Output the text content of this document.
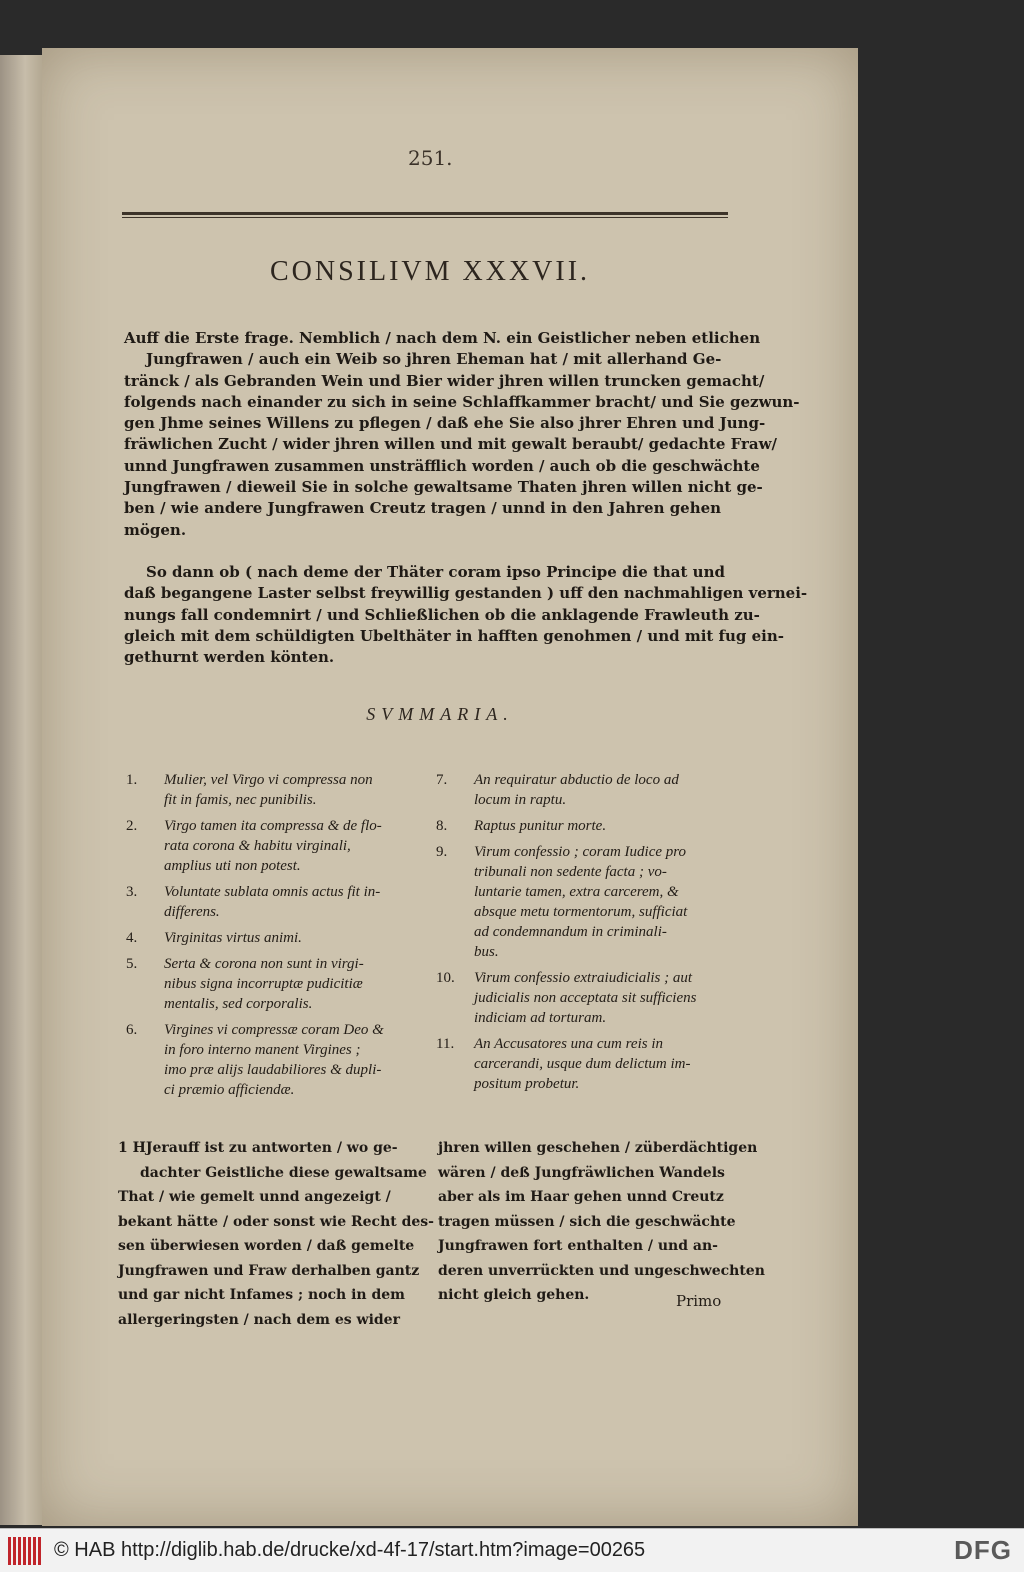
251.
CONSILIVM XXXVII.
Auff die Erste frage. Nemblich / nach dem N. ein Geistlicher neben etlichen
Jungfrawen / auch ein Weib so jhren Eheman hat / mit allerhand Ge-
tränck / als Gebranden Wein und Bier wider jhren willen truncken gemacht/
folgends nach einander zu sich in seine Schlaffkammer bracht/ und Sie gezwun-
gen Jhme seines Willens zu pflegen / daß ehe Sie also jhrer Ehren und Jung-
fräwlichen Zucht / wider jhren willen und mit gewalt beraubt/ gedachte Fraw/
unnd Jungfrawen zusammen unsträfflich worden / auch ob die geschwächte
Jungfrawen / dieweil Sie in solche gewaltsame Thaten jhren willen nicht ge-
ben / wie andere Jungfrawen Creutz tragen / unnd in den Jahren gehen
mögen.
So dann ob ( nach deme der Thäter coram ipso Principe die that und
daß begangene Laster selbst freywillig gestanden ) uff den nachmahligen vernei-
nungs fall condemnirt / und Schließlichen ob die anklagende Frawleuth zu-
gleich mit dem schüldigten Ubelthäter in hafften genohmen / und mit fug ein-
gethurnt werden könten.
SVMMARIA.
1.	Mulier, vel Virgo vi compressa non
fit in famis, nec punibilis.
2.	Virgo tamen ita compressa & de flo-
rata corona & habitu virginali,
amplius uti non potest.
3.	Voluntate sublata omnis actus fit in-
differens.
4.	Virginitas virtus animi.
5.	Serta & corona non sunt in virgi-
nibus signa incorruptæ pudicitiæ
mentalis, sed corporalis.
6.	Virgines vi compressæ coram Deo &
in foro interno manent Virgines ;
imo præ alijs laudabiliores & dupli-
ci præmio afficiendæ.
7.	An requiratur abductio de loco ad
locum in raptu.
8.	Raptus punitur morte.
9.	Virum confessio ; coram Iudice pro
tribunali non sedente facta ; vo-
luntarie tamen, extra carcerem, &
absque metu tormentorum, sufficiat
ad condemnandum in criminali-
bus.
10.	Virum confessio extraiudicialis ; aut
judicialis non acceptata sit sufficiens
indiciam ad torturam.
11.	An Accusatores una cum reis in
carcerandi, usque dum delictum im-
positum probetur.
1 HJerauff ist zu antworten / wo ge-
dachter Geistliche diese gewaltsame
That / wie gemelt unnd angezeigt /
bekant hätte / oder sonst wie Recht des-
sen überwiesen worden / daß gemelte
Jungfrawen und Fraw derhalben gantz
und gar nicht Infames ; noch in dem
allergeringsten / nach dem es wider
jhren willen geschehen / züberdächtigen
wären / deß Jungfräwlichen Wandels
aber als im Haar gehen unnd Creutz
tragen müssen / sich die geschwächte
Jungfrawen fort enthalten / und an-
deren unverrückten und ungeschwechten
nicht gleich gehen.	Primo
© HAB http://diglib.hab.de/drucke/xd-4f-17/start.htm?image=00265	DFG
